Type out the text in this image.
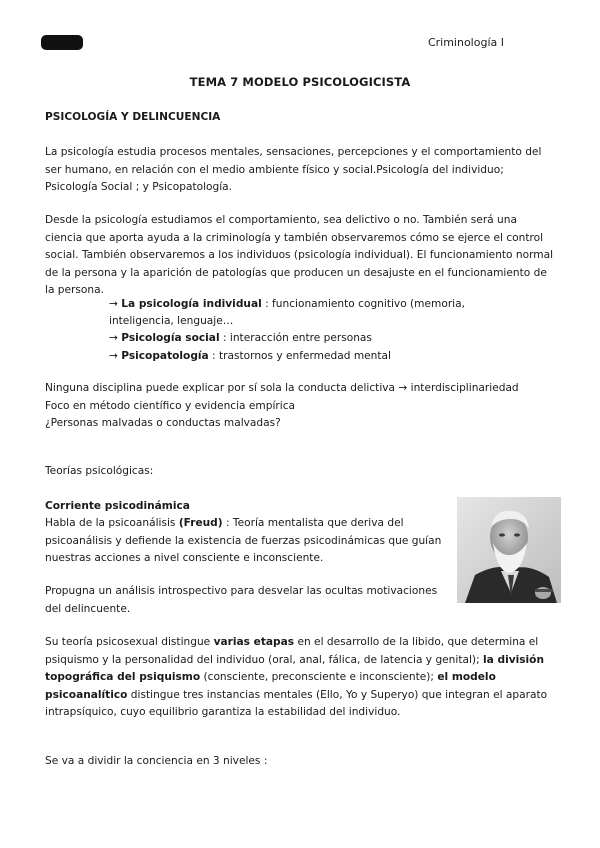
Criminología I
TEMA 7 MODELO PSICOLOGICISTA
PSICOLOGÍA Y DELINCUENCIA

La psicología estudia procesos mentales, sensaciones, percepciones y el comportamiento del ser humano, en relación con el medio ambiente físico y social.Psicología del individuo; Psicología Social ; y Psicopatología.

Desde la psicología estudiamos el comportamiento, sea delictivo o no. También será una ciencia que aporta ayuda a la criminología y también observaremos cómo se ejerce el control social. También observaremos a los individuos (psicología individual). El funcionamiento normal de la persona y la aparición de patologías que producen un desajuste en el funcionamiento de la persona.

→ La psicología individual : funcionamiento cognitivo (memoria, inteligencia, lenguaje…

→ Psicología social : interacción entre personas

→ Psicopatología : trastornos y enfermedad mental

Ninguna disciplina puede explicar por sí sola la conducta delictiva → interdisciplinariedad

Foco en método científico y evidencia empírica

¿Personas malvadas o conductas malvadas?

Teorías psicológicas:
Corriente psicodinámica

Habla de la psicoanálisis (Freud) : Teoría mentalista que deriva del psicoanálisis y defiende la existencia de fuerzas psicodinámicas que guían nuestras acciones a nivel consciente e inconsciente.

Propugna un análisis introspectivo para desvelar las ocultas motivaciones del delincuente.

Su teoría psicosexual distingue varias etapas en el desarrollo de la libido, que determina el psiquismo y la personalidad del individuo (oral, anal, fálica, de latencia y genital); la división topográfica del psiquismo (consciente, preconsciente e inconsciente); el modelo psicoanalítico distingue tres instancias mentales (Ello, Yo y Superyo) que integran el aparato intrapsíquico, cuyo equilibrio garantiza la estabilidad del individuo.

Se va a dividir la conciencia en 3 niveles :
